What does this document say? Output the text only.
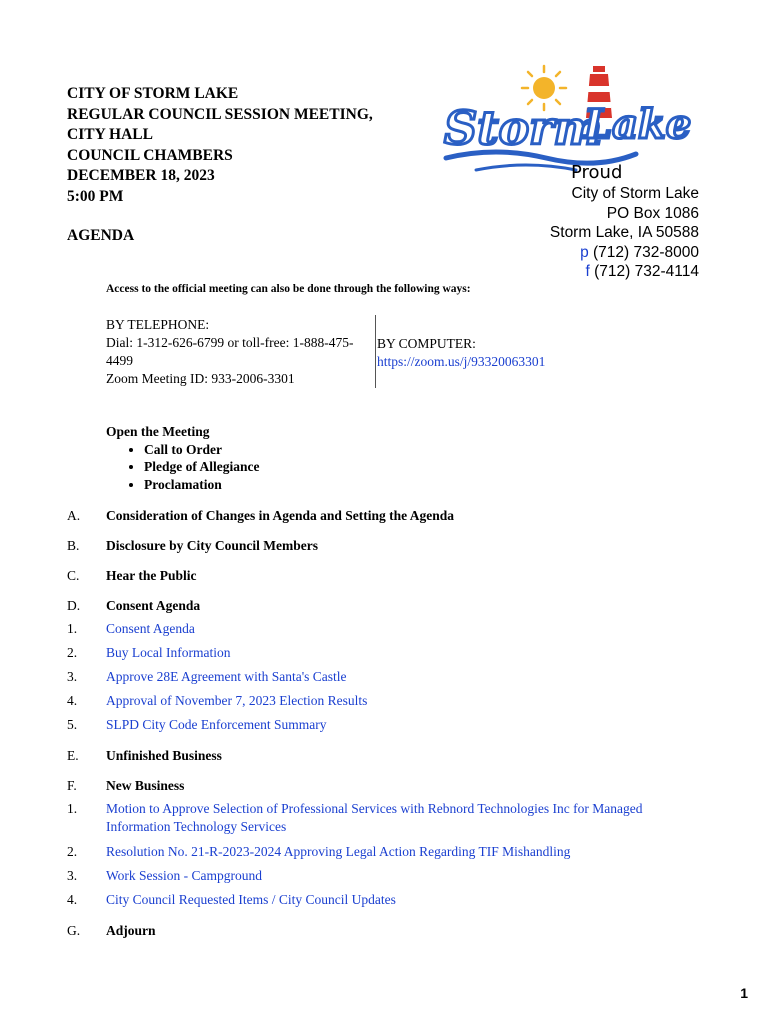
CITY OF STORM LAKE
REGULAR COUNCIL SESSION MEETING,
CITY HALL
COUNCIL CHAMBERS
DECEMBER 18, 2023
5:00 PM
AGENDA
Storm
Lake
Proud
City of Storm Lake
PO Box 1086
Storm Lake, IA 50588
p (712) 732-8000
f (712) 732-4114
Access to the official meeting can also be done through the following ways:
BY TELEPHONE:
Dial: 1-312-626-6799 or toll-free: 1-888-475-4499
Zoom Meeting ID: 933-2006-3301
BY COMPUTER:
https://zoom.us/j/93320063301
Open the Meeting
• Call to Order
• Pledge of Allegiance
• Proclamation
A.	Consideration of Changes in Agenda and Setting the Agenda
B.	Disclosure by City Council Members
C.	Hear the Public
D.	Consent Agenda
1.	Consent Agenda
2.	Buy Local Information
3.	Approve 28E Agreement with Santa's Castle
4.	Approval of November 7, 2023 Election Results
5.	SLPD City Code Enforcement Summary
E.	Unfinished Business
F.	New Business
1.	Motion to Approve Selection of Professional Services with Rebnord Technologies Inc for Managed Information Technology Services
2.	Resolution No. 21-R-2023-2024 Approving Legal Action Regarding TIF Mishandling
3.	Work Session - Campground
4.	City Council Requested Items / City Council Updates
G.	Adjourn
1
